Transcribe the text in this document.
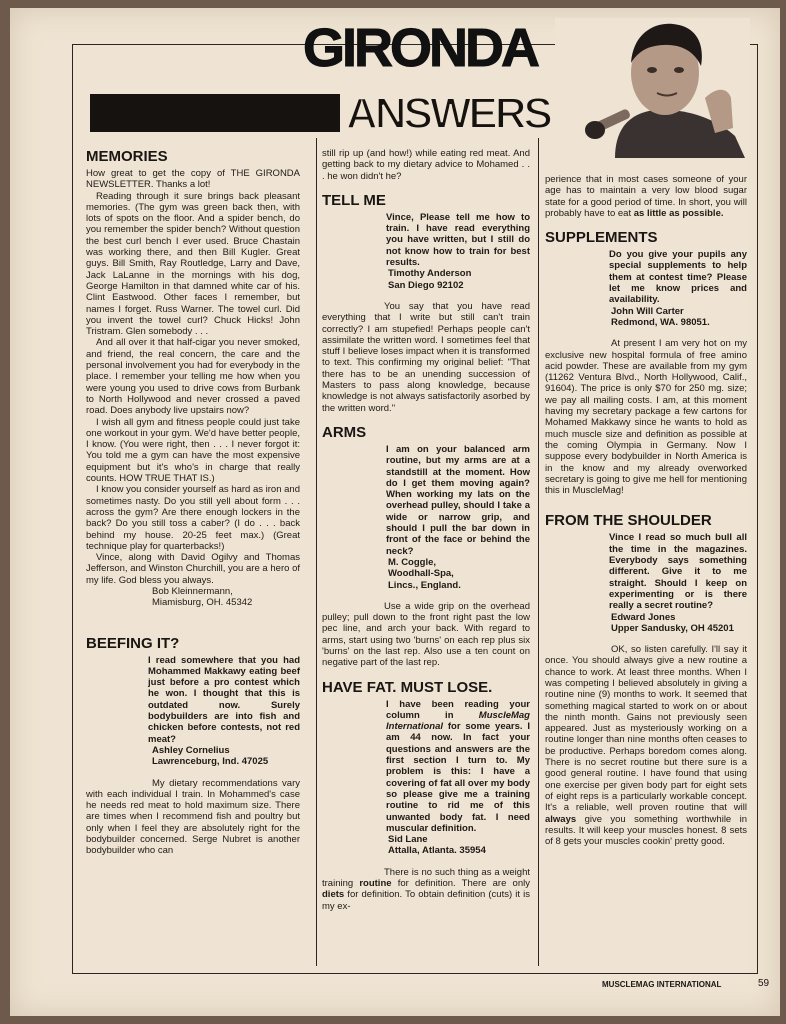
GIRONDA
ANSWERS
MEMORIES

How great to get the copy of THE GIRONDA NEWSLETTER. Thanks a lot!

Reading through it sure brings back pleasant memories. (The gym was green back then, with lots of spots on the floor. And a spider bench, do you remember the spider bench? Without question the best curl bench I ever used. Bruce Chastain was working there, and then Bill Kugler. Great guys. Bill Smith, Ray Routledge, Larry and Dave, Jack LaLanne in the mornings with his dog, George Hamilton in that damned white car of his. Clint Eastwood. Other faces I remember, but names I forget. Russ Warner. The towel curl. Did you invent the towel curl? Chuck Hicks! John Tristram. Glen somebody . . .

And all over it that half-cigar you never smoked, and friend, the real concern, the care and the personal involvement you had for everybody in the place. I remember your telling me how when you were young you used to drive cows from Burbank to North Hollywood and never crossed a paved road. Does anybody live upstairs now?

I wish all gym and fitness people could just take one workout in your gym. We'd have better people, I know. (You were right, then . . . I never forgot it: You told me a gym can have the most expensive equipment but it's who's in charge that really counts. HOW TRUE THAT IS.)

I know you consider yourself as hard as iron and sometimes nasty. Do you still yell about form . . . across the gym? Are there enough lockers in the back? Do you still toss a caber? (I do . . . back behind my house. 20-25 feet max.) (Great technique play for quarterbacks!)

Vince, along with David Ogilvy and Thomas Jefferson, and Winston Churchill, you are a hero of my life. God bless you always.

Bob Kleinnermann,

Miamisburg, OH. 45342

BEEFING IT?

I read somewhere that you had Mohammed Makkawy eating beef just before a pro contest which he won. I thought that this is outdated now. Surely bodybuilders are into fish and chicken before contests, not red meat?

Ashley Cornelius

Lawrenceburg, Ind. 47025

My dietary recommendations vary with each individual I train. In Mohammed's case he needs red meat to hold maximum size. There are times when I recommend fish and poultry but only when I feel they are absolutely right for the bodybuilder concerned. Serge Nubret is another bodybuilder who can

still rip up (and how!) while eating red meat. And getting back to my dietary advice to Mohamed . . . he won didn't he?

TELL ME

Vince, Please tell me how to train. I have read everything you have written, but I still do not know how to train for best results.

Timothy Anderson

San Diego 92102

You say that you have read everything that I write but still can't train correctly? I am stupefied! Perhaps people can't assimilate the written word. I sometimes feel that stuff I believe loses impact when it is transformed to text. This confirming my original belief: "That there has to be an unending succession of Masters to pass along knowledge, because knowledge is not always satisfactorily asorbed by the written word."

ARMS

I am on your balanced arm routine, but my arms are at a standstill at the moment. How do I get them moving again? When working my lats on the overhead pulley, should I take a wide or narrow grip, and should I pull the bar down in front of the face or behind the neck?

M. Coggle,

Woodhall-Spa,

Lincs., England.

Use a wide grip on the overhead pulley; pull down to the front right past the low pec line, and arch your back. With regard to arms, start using two 'burns' on each rep plus six 'burns' on the last rep. Also use a ten count on negative part of the last rep.

HAVE FAT. MUST LOSE.

I have been reading your column in MuscleMag International for some years. I am 44 now. In fact your questions and answers are the first section I turn to. My problem is this: I have a covering of fat all over my body so please give me a training routine to rid me of this unwanted body fat. I need muscular definition.

Sid Lane

Attalla, Atlanta. 35954

There is no such thing as a weight training routine for definition. There are only diets for definition. To obtain definition (cuts) it is my ex-

perience that in most cases someone of your age has to maintain a very low blood sugar state for a good period of time. In short, you will probably have to eat as little as possible.

SUPPLEMENTS

Do you give your pupils any special supplements to help them at contest time? Please let me know prices and availability.

John Will Carter

Redmond, WA. 98051.

At present I am very hot on my exclusive new hospital formula of free amino acid powder. These are available from my gym (11262 Ventura Blvd., North Hollywood, Calif., 91604). The price is only $70 for 250 mg. size; we pay all mailing costs. I am, at this moment having my secretary package a few cartons for Mohamed Makkawy since he wants to hold as much muscle size and definition as possible at the coming Olympia in Germany. Now I suppose every bodybuilder in North America is in the know and my already overworked secretary is going to give me hell for mentioning this in MuscleMag!

FROM THE SHOULDER

Vince I read so much bull all the time in the magazines. Everybody says something different. Give it to me straight. Should I keep on experimenting or is there really a secret routine?

Edward Jones

Upper Sandusky, OH 45201

OK, so listen carefully. I'll say it once. You should always give a new routine a chance to work. At least three months. When I was competing I believed absolutely in giving a routine nine (9) months to work. It seemed that something magical started to work on or about the ninth month. Gains not previously seen appeared. Just as mysteriously working on a routine longer than nine months often ceases to be productive. Perhaps boredom comes along. There is no secret routine but there sure is a good general routine. I have found that using one exercise per given body part for eight sets of eight reps is a particularly workable concept. It's a reliable, well proven routine that will always give you something worthwhile in results. It will keep your muscles honest. 8 sets of 8 gets your muscles cookin' pretty good.

MUSCLEMAG INTERNATIONAL	59
